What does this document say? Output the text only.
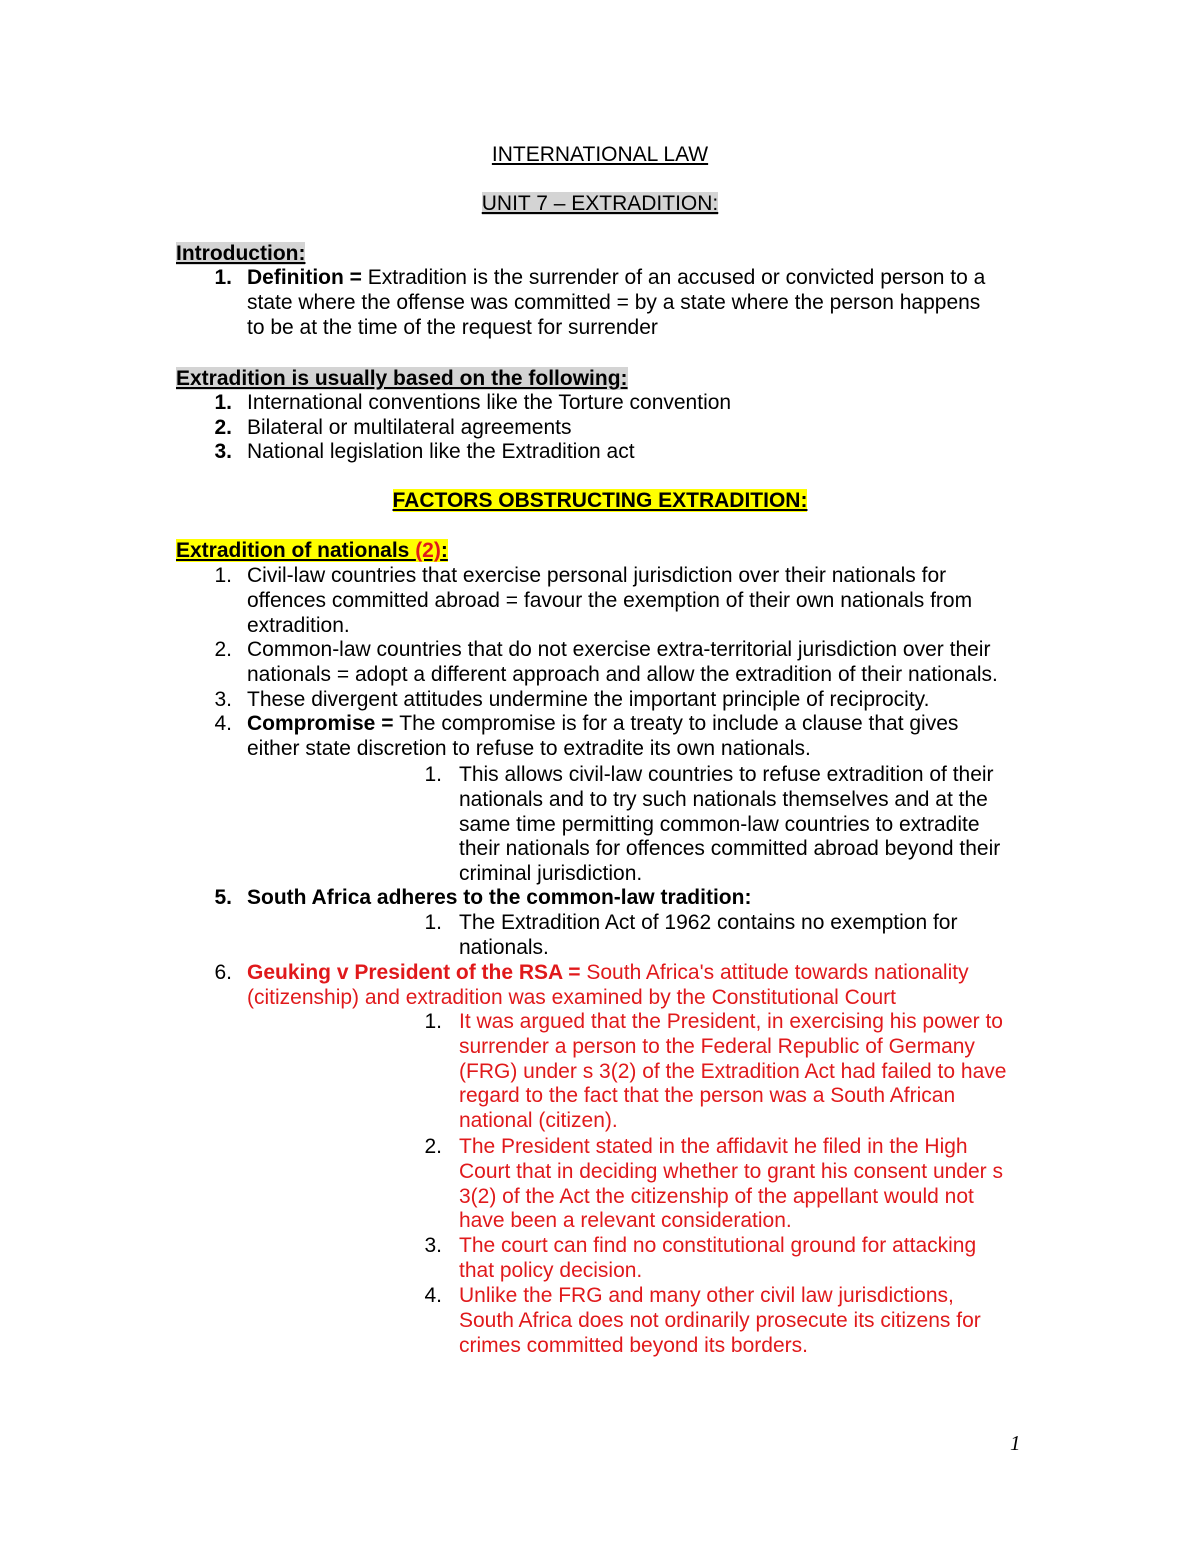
INTERNATIONAL LAW
UNIT 7 – EXTRADITION:
Introduction:
1. Definition = Extradition is the surrender of an accused or convicted person to a
state where the offense was committed = by a state where the person happens
to be at the time of the request for surrender
Extradition is usually based on the following:
1. International conventions like the Torture convention
2. Bilateral or multilateral agreements
3. National legislation like the Extradition act
FACTORS OBSTRUCTING EXTRADITION:
Extradition of nationals (2):
1. Civil-law countries that exercise personal jurisdiction over their nationals for
offences committed abroad = favour the exemption of their own nationals from
extradition.
2. Common-law countries that do not exercise extra-territorial jurisdiction over their
nationals = adopt a different approach and allow the extradition of their nationals.
3. These divergent attitudes undermine the important principle of reciprocity.
4. Compromise = The compromise is for a treaty to include a clause that gives
either state discretion to refuse to extradite its own nationals.
1. This allows civil-law countries to refuse extradition of their
nationals and to try such nationals themselves and at the
same time permitting common-law countries to extradite
their nationals for offences committed abroad beyond their
criminal jurisdiction.
5. South Africa adheres to the common-law tradition:
1. The Extradition Act of 1962 contains no exemption for
nationals.
6. Geuking v President of the RSA = South Africa's attitude towards nationality
(citizenship) and extradition was examined by the Constitutional Court
1. It was argued that the President, in exercising his power to
surrender a person to the Federal Republic of Germany
(FRG) under s 3(2) of the Extradition Act had failed to have
regard to the fact that the person was a South African
national (citizen).
2. The President stated in the affidavit he filed in the High
Court that in deciding whether to grant his consent under s
3(2) of the Act the citizenship of the appellant would not
have been a relevant consideration.
3. The court can find no constitutional ground for attacking
that policy decision.
4. Unlike the FRG and many other civil law jurisdictions,
South Africa does not ordinarily prosecute its citizens for
crimes committed beyond its borders.
1
